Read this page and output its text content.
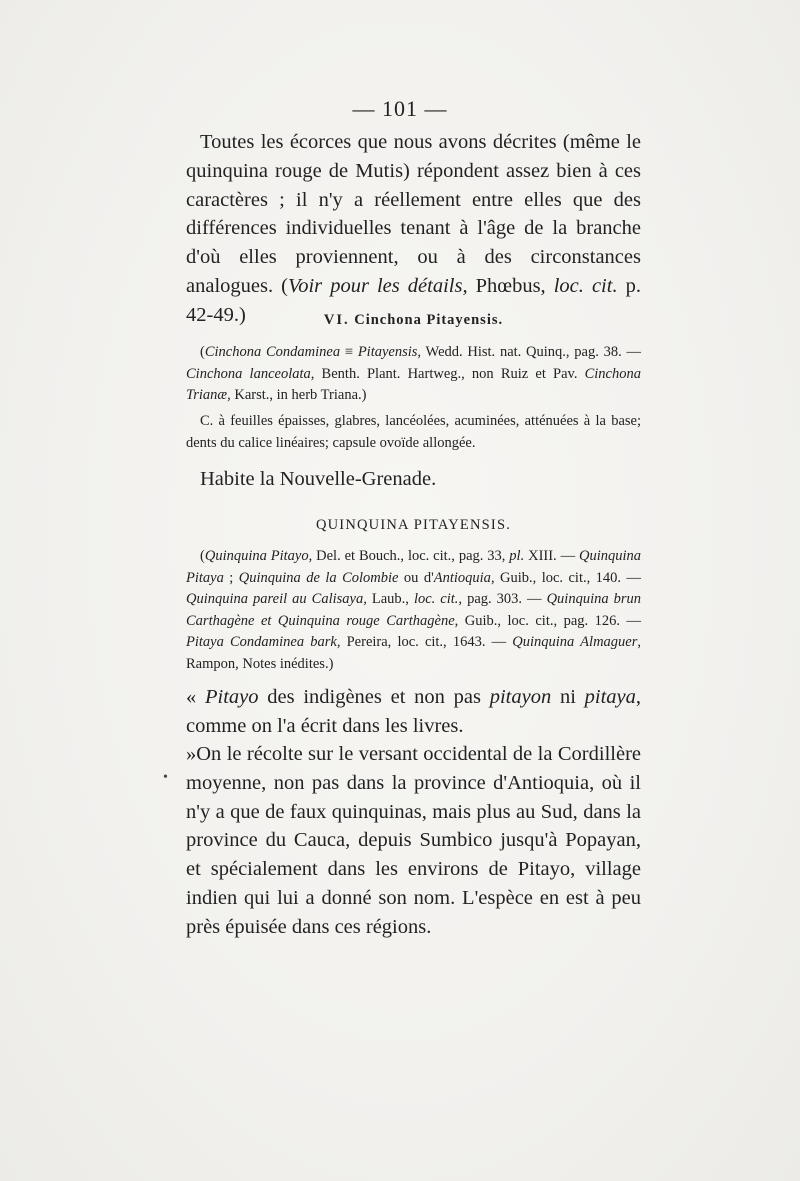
— 101 —

Toutes les écorces que nous avons décrites (même le quinquina rouge de Mutis) répondent assez bien à ces caractères ; il n'y a réellement entre elles que des différences individuelles tenant à l'âge de la branche d'où elles proviennent, ou à des circonstances analogues. (Voir pour les détails, Phœbus, loc. cit. p. 42-49.)	VI. Cinchona Pitayensis.

(Cinchona Condaminea ≡ Pitayensis, Wedd. Hist. nat. Quinq., pag. 38. — Cinchona lanceolata, Benth. Plant. Hartweg., non Ruiz et Pav. Cinchona Trianæ, Karst., in herb Triana.)

C. à feuilles épaisses, glabres, lancéolées, acuminées, atténuées à la base; dents du calice linéaires; capsule ovoïde allongée.

Habite la Nouvelle-Grenade.

QUINQUINA PITAYENSIS.

(Quinquina Pitayo, Del. et Bouch., loc. cit., pag. 33, pl. XIII. — Quinquina Pitaya ; Quinquina de la Colombie ou d'Antioquia, Guib., loc. cit., 140. — Quinquina pareil au Calisaya, Laub., loc. cit., pag. 303. — Quinquina brun Carthagène et Quinquina rouge Carthagène, Guib., loc. cit., pag. 126. — Pitaya Condaminea bark, Pereira, loc. cit., 1643. — Quinquina Almaguer, Rampon, Notes inédites.)

« Pitayo des indigènes et non pas pitayon ni pitaya, comme on l'a écrit dans les livres.

»On le récolte sur le versant occidental de la Cordillère moyenne, non pas dans la province d'Antioquia, où il n'y a que de faux quinquinas, mais plus au Sud, dans la province du Cauca, depuis Sumbico jusqu'à Popayan, et spécialement dans les environs de Pitayo, village indien qui lui a donné son nom. L'espèce en est à peu près épuisée dans ces régions.

•
